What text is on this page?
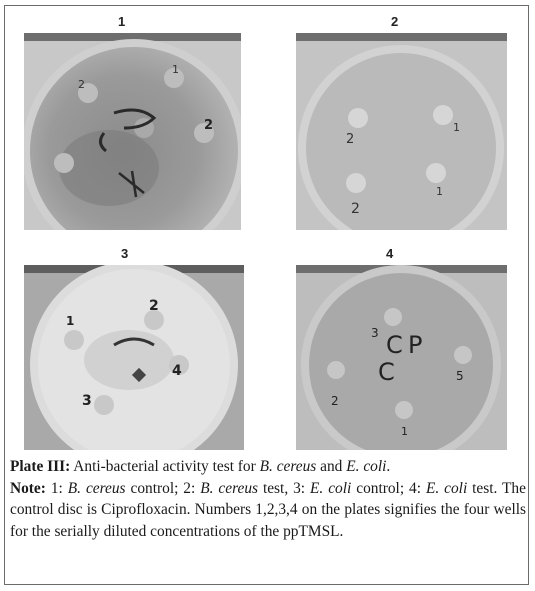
1	2
3	4
2
1
2
2
1
2
1
2
1
4
3
3 C P
C	5
2
1
Plate III: Anti-bacterial activity test for B. cereus and E. coli.
Note: 1: B. cereus control; 2: B. cereus test, 3: E. coli control; 4: E. coli test. The control disc is Ciprofloxacin. Numbers 1,2,3,4 on the plates signifies the four wells for the serially diluted concentrations of the ppTMSL.
